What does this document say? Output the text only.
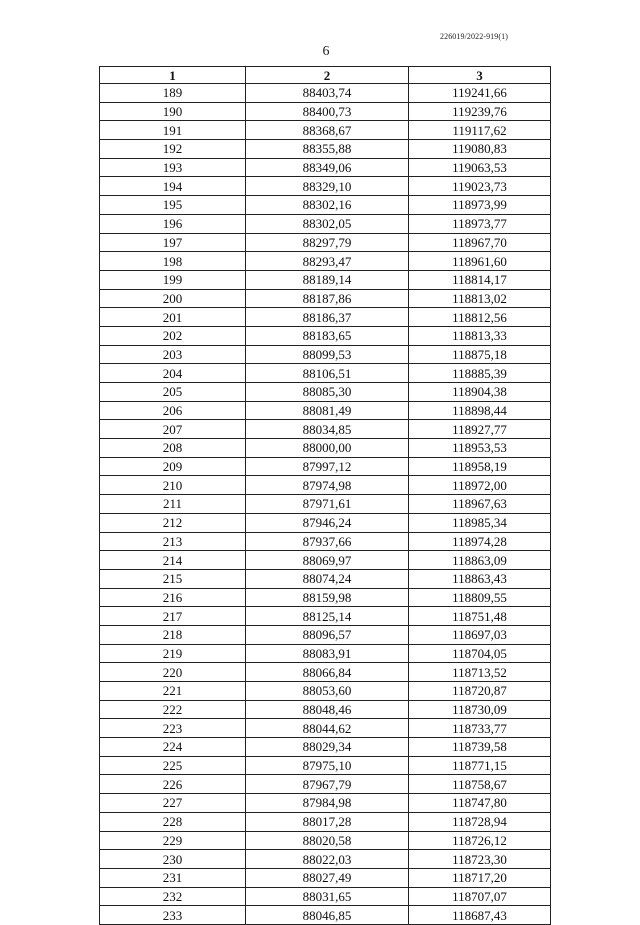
226019/2022-919(1)
6
1	2	3
189	88403,74	119241,66
190	88400,73	119239,76
191	88368,67	119117,62
192	88355,88	119080,83
193	88349,06	119063,53
194	88329,10	119023,73
195	88302,16	118973,99
196	88302,05	118973,77
197	88297,79	118967,70
198	88293,47	118961,60
199	88189,14	118814,17
200	88187,86	118813,02
201	88186,37	118812,56
202	88183,65	118813,33
203	88099,53	118875,18
204	88106,51	118885,39
205	88085,30	118904,38
206	88081,49	118898,44
207	88034,85	118927,77
208	88000,00	118953,53
209	87997,12	118958,19
210	87974,98	118972,00
211	87971,61	118967,63
212	87946,24	118985,34
213	87937,66	118974,28
214	88069,97	118863,09
215	88074,24	118863,43
216	88159,98	118809,55
217	88125,14	118751,48
218	88096,57	118697,03
219	88083,91	118704,05
220	88066,84	118713,52
221	88053,60	118720,87
222	88048,46	118730,09
223	88044,62	118733,77
224	88029,34	118739,58
225	87975,10	118771,15
226	87967,79	118758,67
227	87984,98	118747,80
228	88017,28	118728,94
229	88020,58	118726,12
230	88022,03	118723,30
231	88027,49	118717,20
232	88031,65	118707,07
233	88046,85	118687,43
